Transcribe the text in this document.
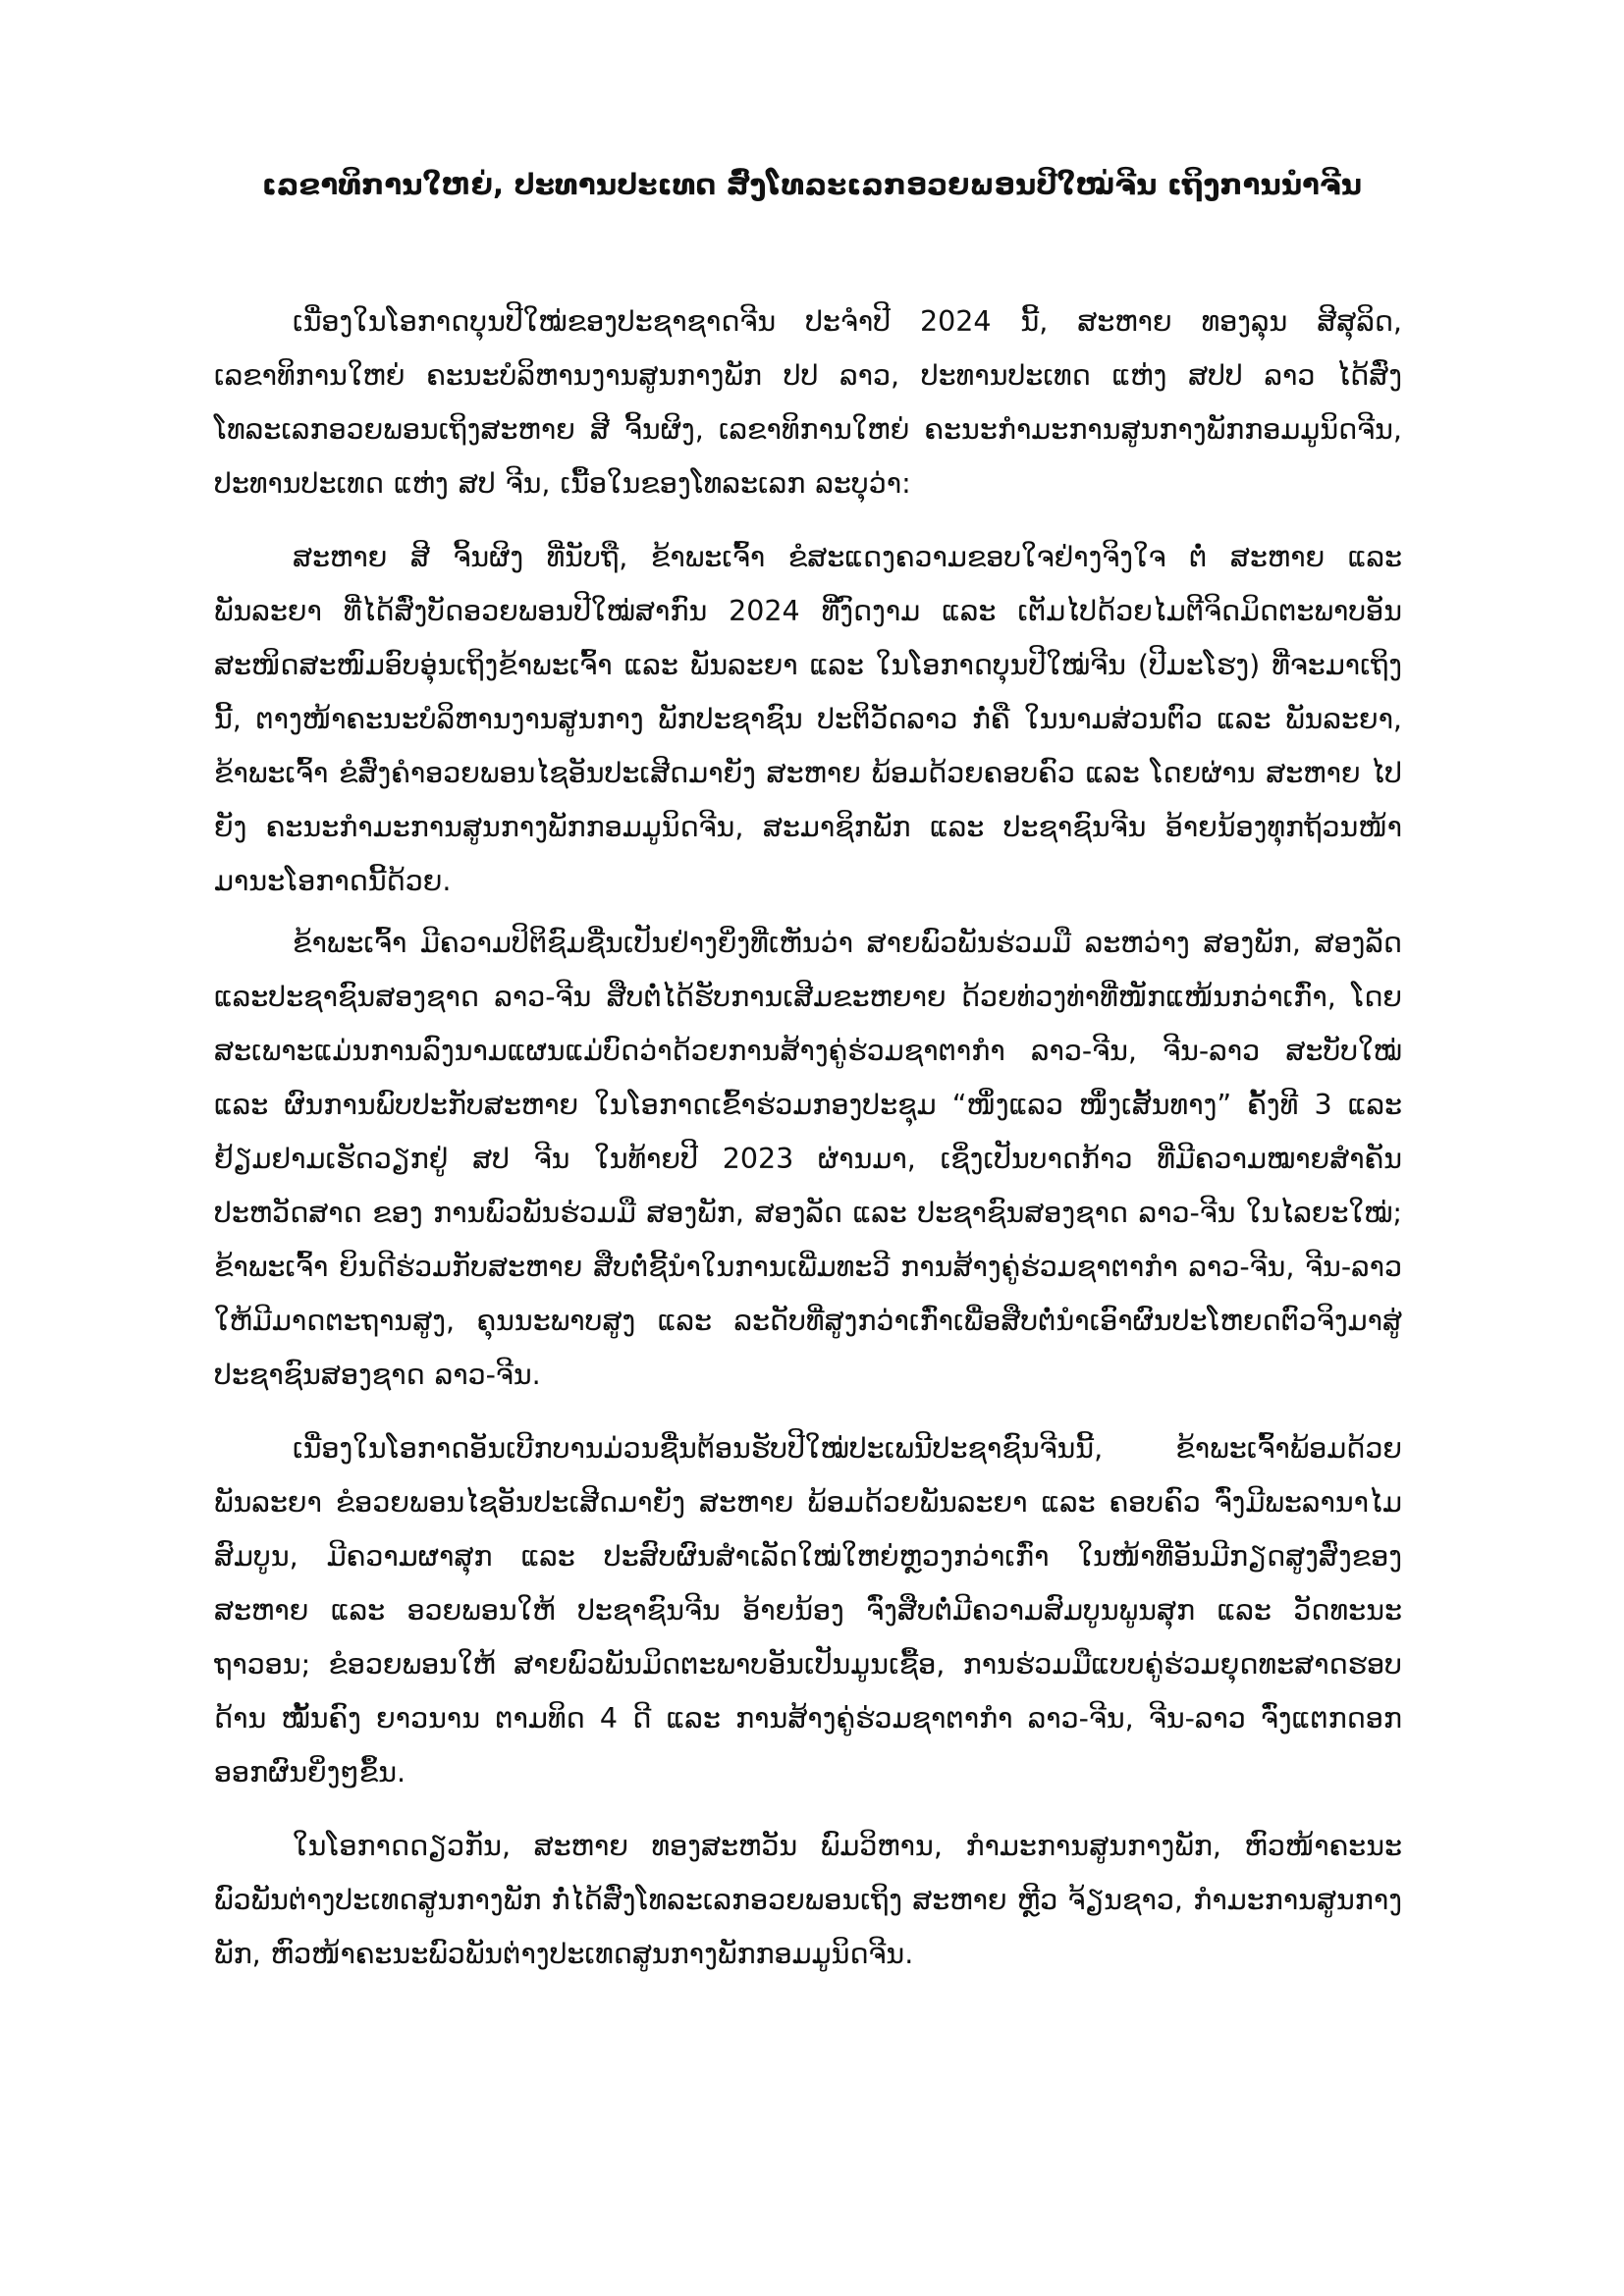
ເລຂາທິການໃຫຍ່, ປະທານປະເທດ ສົ່ງໂທລະເລກອວຍພອນປີໃໝ່ຈີນ ເຖິງການນຳຈີນ

ເນື່ອງໃນໂອກາດບຸນປີໃໝ່ຂອງປະຊາຊາດຈີນ ປະຈຳປີ 2024 ນີ້, ສະຫາຍ ທອງລຸນ ສີສຸລິດ, ເລຂາທິການໃຫຍ່ ຄະນະບໍລິຫານງານສູນກາງພັກ ປປ ລາວ, ປະທານປະເທດ ແຫ່ງ ສປປ ລາວ ໄດ້ສົ່ງໂທລະເລກອວຍພອນເຖິງສະຫາຍ ສີ ຈິ້ນຜິງ, ເລຂາທິການໃຫຍ່ ຄະນະກຳມະການສູນກາງພັກກອມມູນິດຈີນ, ປະທານປະເທດ ແຫ່ງ ສປ ຈີນ, ເນື້ອໃນຂອງໂທລະເລກ ລະບຸວ່າ:

ສະຫາຍ ສີ ຈິ້ນຜິງ ທີ່ນັບຖື, ຂ້າພະເຈົ້າ ຂໍສະແດງຄວາມຂອບໃຈຢ່າງຈິງໃຈ ຕໍ່ ສະຫາຍ ແລະ ພັນລະຍາ ທີ່ໄດ້ສົ່ງບັດອວຍພອນປີໃໝ່ສາກົນ 2024 ທີ່ງົດງາມ ແລະ ເຕັມໄປດ້ວຍໄມຕີຈິດມິດຕະພາບອັນສະໜິດສະໜົມອົບອຸ່ນເຖິງຂ້າພະເຈົ້າ ແລະ ພັນລະຍາ ແລະ ໃນໂອກາດບຸນປີໃໝ່ຈີນ (ປີມະໂຮງ) ທີ່ຈະມາເຖິງນີ້, ຕາງໜ້າຄະນະບໍລິຫານງານສູນກາງ ພັກປະຊາຊົນ ປະຕິວັດລາວ ກໍ່ຄື ໃນນາມສ່ວນຕົວ ແລະ ພັນລະຍາ, ຂ້າພະເຈົ້າ ຂໍສົ່ງຄຳອວຍພອນໄຊອັນປະເສີດມາຍັງ ສະຫາຍ ພ້ອມດ້ວຍຄອບຄົວ ແລະ ໂດຍຜ່ານ ສະຫາຍ ໄປຍັງ ຄະນະກຳມະການສູນກາງພັກກອມມູນິດຈີນ, ສະມາຊິກພັກ ແລະ ປະຊາຊົນຈີນ ອ້າຍນ້ອງທຸກຖ້ວນໜ້າ ມານະໂອກາດນີ້ດ້ວຍ.

ຂ້າພະເຈົ້າ ມີຄວາມປິຕິຊົມຊື່ນເປັນຢ່າງຍິ່ງທີ່ເຫັນວ່າ ສາຍພົວພັນຮ່ວມມື ລະຫວ່າງ ສອງພັກ, ສອງລັດ ແລະປະຊາຊົນສອງຊາດ ລາວ-ຈີນ ສືບຕໍ່ໄດ້ຮັບການເສີມຂະຫຍາຍ ດ້ວຍທ່ວງທ່າທີ່ໜັກແໜ້ນກວ່າເກົ່າ, ໂດຍສະເພາະແມ່ນການລົງນາມແຜນແມ່ບົດວ່າດ້ວຍການສ້າງຄູ່ຮ່ວມຊາຕາກຳ ລາວ-ຈີນ, ຈີນ-ລາວ ສະບັບໃໝ່ ແລະ ຜົນການພົບປະກັບສະຫາຍ ໃນໂອກາດເຂົ້າຮ່ວມກອງປະຊຸມ “ໜຶ່ງແລວ ໜຶ່ງເສັ້ນທາງ” ຄັ້ງທີ 3 ແລະ ຢ້ຽມຢາມເຮັດວຽກຢູ່ ສປ ຈີນ ໃນທ້າຍປີ 2023 ຜ່ານມາ, ເຊິ່ງເປັນບາດກ້າວ ທີ່ມີຄວາມໝາຍສຳຄັນປະຫວັດສາດ ຂອງ ການພົວພັນຮ່ວມມື ສອງພັກ, ສອງລັດ ແລະ ປະຊາຊົນສອງຊາດ ລາວ-ຈີນ ໃນໄລຍະໃໝ່; ຂ້າພະເຈົ້າ ຍິນດີຮ່ວມກັບສະຫາຍ ສືບຕໍ່ຊີ້ນຳໃນການເພີ່ມທະວີ ການສ້າງຄູ່ຮ່ວມຊາຕາກຳ ລາວ-ຈີນ, ຈີນ-ລາວ ໃຫ້ມີມາດຕະຖານສູງ, ຄຸນນະພາບສູງ ແລະ ລະດັບທີ່ສູງກວ່າເກົ່າເພື່ອສືບຕໍ່ນຳເອົາຜົນປະໂຫຍດຕົວຈິງມາສູ່ປະຊາຊົນສອງຊາດ ລາວ-ຈີນ.

ເນື່ອງໃນໂອກາດອັນເບີກບານມ່ວນຊື່ນຕ້ອນຮັບປີໃໝ່ປະເພນີປະຊາຊົນຈີນນີ້, ຂ້າພະເຈົ້າພ້ອມດ້ວຍພັນລະຍາ ຂໍອວຍພອນໄຊອັນປະເສີດມາຍັງ ສະຫາຍ ພ້ອມດ້ວຍພັນລະຍາ ແລະ ຄອບຄົວ ຈົ່ງມີພະລານາໄມສົມບູນ, ມີຄວາມຜາສຸກ ແລະ ປະສົບຜົນສຳເລັດໃໝ່ໃຫຍ່ຫຼວງກວ່າເກົ່າ ໃນໜ້າທີ່ອັນມີກຽດສູງສົ່ງຂອງສະຫາຍ ແລະ ອວຍພອນໃຫ້ ປະຊາຊົນຈີນ ອ້າຍນ້ອງ ຈົ່ງສືບຕໍ່ມີຄວາມສົມບູນພູນສຸກ ແລະ ວັດທະນະຖາວອນ; ຂໍອວຍພອນໃຫ້ ສາຍພົວພັນມິດຕະພາບອັນເປັນມູນເຊື້ອ, ການຮ່ວມມືແບບຄູ່ຮ່ວມຍຸດທະສາດຮອບດ້ານ ໝັ້ນຄົງ ຍາວນານ ຕາມທິດ 4 ດີ ແລະ ການສ້າງຄູ່ຮ່ວມຊາຕາກຳ ລາວ-ຈີນ, ຈີນ-ລາວ ຈົ່ງແຕກດອກອອກຜົນຍິ່ງໆຂຶ້ນ.

ໃນໂອກາດດຽວກັນ, ສະຫາຍ ທອງສະຫວັນ ພົມວິຫານ, ກຳມະການສູນກາງພັກ, ຫົວໜ້າຄະນະພົວພັນຕ່າງປະເທດສູນກາງພັກ ກໍ່ໄດ້ສົ່ງໂທລະເລກອວຍພອນເຖິງ ສະຫາຍ ຫຼີວ ຈ້ຽນຊາວ, ກຳມະການສູນກາງພັກ, ຫົວໜ້າຄະນະພົວພັນຕ່າງປະເທດສູນກາງພັກກອມມູນິດຈີນ.
